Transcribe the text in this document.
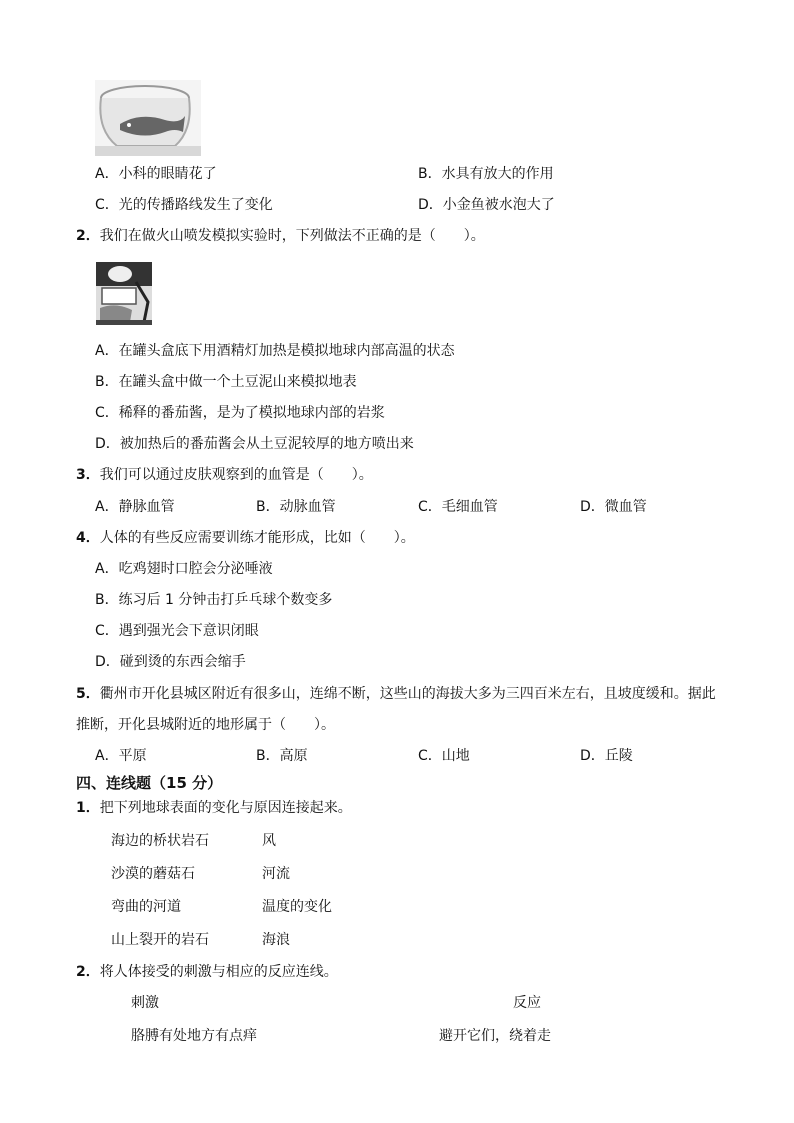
A．小科的眼睛花了	B．水具有放大的作用
C．光的传播路线发生了变化	D．小金鱼被水泡大了
2．我们在做火山喷发模拟实验时，下列做法不正确的是（　　）。
A．在罐头盒底下用酒精灯加热是模拟地球内部高温的状态
B．在罐头盒中做一个土豆泥山来模拟地表
C．稀释的番茄酱，是为了模拟地球内部的岩浆
D．被加热后的番茄酱会从土豆泥较厚的地方喷出来
3．我们可以通过皮肤观察到的血管是（　　）。
A．静脉血管	B．动脉血管	C．毛细血管	D．微血管
4．人体的有些反应需要训练才能形成，比如（　　）。
A．吃鸡翅时口腔会分泌唾液
B．练习后 1 分钟击打乒乓球个数变多
C．遇到强光会下意识闭眼
D．碰到烫的东西会缩手
5．衢州市开化县城区附近有很多山，连绵不断，这些山的海拔大多为三四百米左右，且坡度缓和。据此
推断，开化县城附近的地形属于（　　）。
A．平原	B．高原	C．山地	D．丘陵
四、连线题（15 分）
1．把下列地球表面的变化与原因连接起来。
海边的桥状岩石	风
沙漠的蘑菇石	河流
弯曲的河道	温度的变化
山上裂开的岩石	海浪
2．将人体接受的刺激与相应的反应连线。
刺激	反应
胳膊有处地方有点痒	避开它们，绕着走
